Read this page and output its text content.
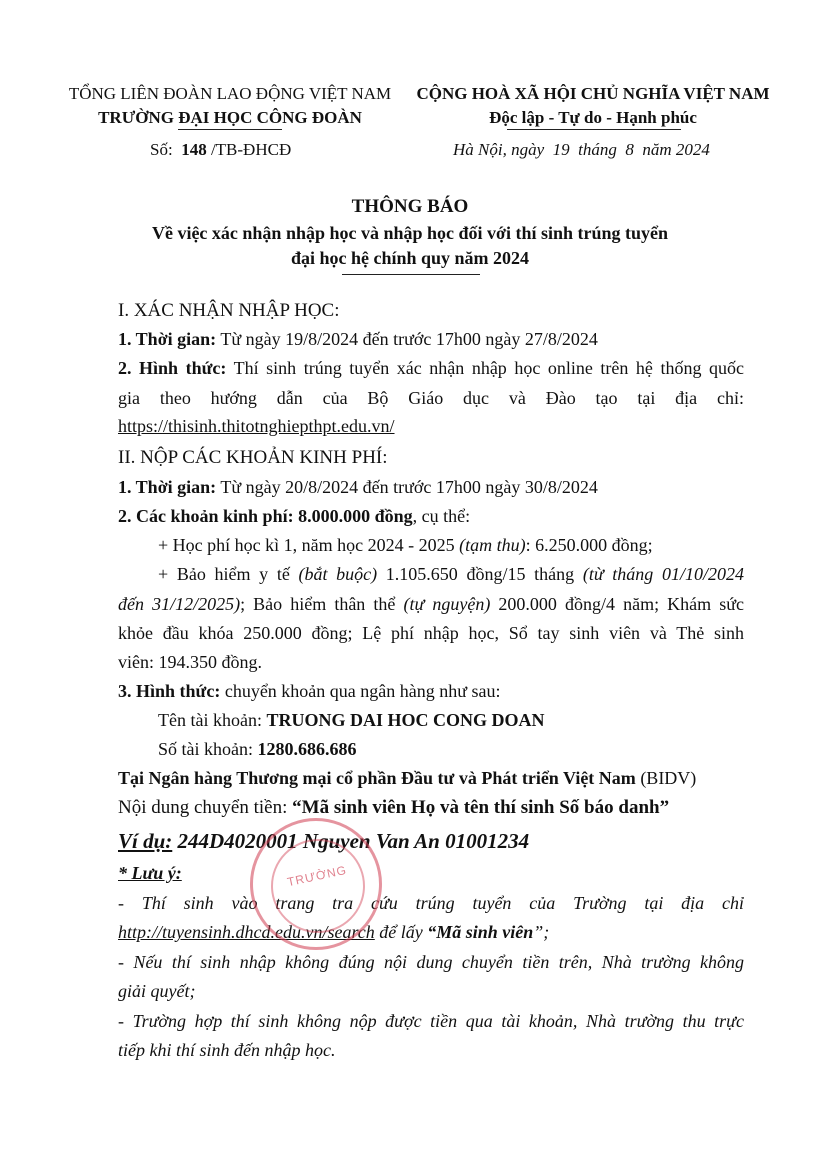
TỔNG LIÊN ĐOÀN LAO ĐỘNG VIỆT NAM
TRƯỜNG ĐẠI HỌC CÔNG ĐOÀN
CỘNG HOÀ XÃ HỘI CHỦ NGHĨA VIỆT NAM
Độc lập - Tự do - Hạnh phúc
Số: 148 /TB-ĐHCĐ	Hà Nội, ngày 19 tháng 8 năm 2024
THÔNG BÁO
Về việc xác nhận nhập học và nhập học đối với thí sinh trúng tuyển
đại học hệ chính quy năm 2024
I. XÁC NHẬN NHẬP HỌC:
1. Thời gian: Từ ngày 19/8/2024 đến trước 17h00 ngày 27/8/2024
2. Hình thức: Thí sinh trúng tuyển xác nhận nhập học online trên hệ thống quốc
gia theo hướng dẫn của Bộ Giáo dục và Đào tạo tại địa chỉ:
https://thisinh.thitotnghiepthpt.edu.vn/
II. NỘP CÁC KHOẢN KINH PHÍ:
1. Thời gian: Từ ngày 20/8/2024 đến trước 17h00 ngày 30/8/2024
2. Các khoản kinh phí: 8.000.000 đồng, cụ thể:
+ Học phí học kì 1, năm học 2024 - 2025 (tạm thu): 6.250.000 đồng;
+ Bảo hiểm y tế (bắt buộc) 1.105.650 đồng/15 tháng (từ tháng 01/10/2024
đến 31/12/2025); Bảo hiểm thân thể (tự nguyện) 200.000 đồng/4 năm; Khám sức
khỏe đầu khóa 250.000 đồng; Lệ phí nhập học, Sổ tay sinh viên và Thẻ sinh
viên: 194.350 đồng.
3. Hình thức: chuyển khoản qua ngân hàng như sau:
Tên tài khoản: TRUONG DAI HOC CONG DOAN
Số tài khoản: 1280.686.686
Tại Ngân hàng Thương mại cổ phần Đầu tư và Phát triển Việt Nam (BIDV)
Nội dung chuyển tiền: “Mã sinh viên Họ và tên thí sinh Số báo danh”
Ví dụ: 244D4020001 Nguyen Van An 01001234
* Lưu ý:
- Thí sinh vào trang tra cứu trúng tuyển của Trường tại địa chỉ
http://tuyensinh.dhcd.edu.vn/search để lấy “Mã sinh viên”;
- Nếu thí sinh nhập không đúng nội dung chuyển tiền trên, Nhà trường không
giải quyết;
- Trường hợp thí sinh không nộp được tiền qua tài khoản, Nhà trường thu trực
tiếp khi thí sinh đến nhập học.
TRƯỜNG
